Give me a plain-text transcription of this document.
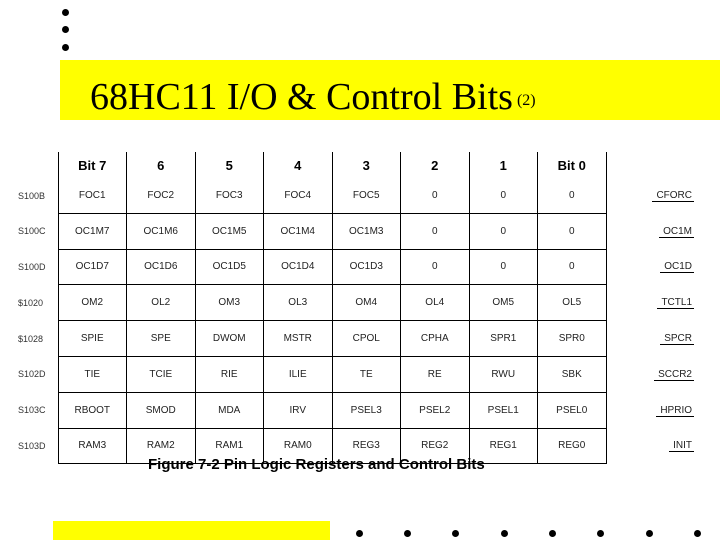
68HC11 I/O & Control Bits $^{(2)}$
	Bit 7	6	5	4	3	2	1	Bit 0	
S100B	FOC1	FOC2	FOC3	FOC4	FOC5	0	0	0	CFORC
S100C	OC1M7	OC1M6	OC1M5	OC1M4	OC1M3	0	0	0	OC1M
S100D	OC1D7	OC1D6	OC1D5	OC1D4	OC1D3	0	0	0	OC1D
$1020	OM2	OL2	OM3	OL3	OM4	OL4	OM5	OL5	TCTL1
$1028	SPIE	SPE	DWOM	MSTR	CPOL	CPHA	SPR1	SPR0	SPCR
S102D	TIE	TCIE	RIE	ILIE	TE	RE	RWU	SBK	SCCR2
S103C	RBOOT	SMOD	MDA	IRV	PSEL3	PSEL2	PSEL1	PSEL0	HPRIO
S103D	RAM3	RAM2	RAM1	RAM0	REG3	REG2	REG1	REG0	INIT

Figure 7-2 Pin Logic Registers and Control Bits
